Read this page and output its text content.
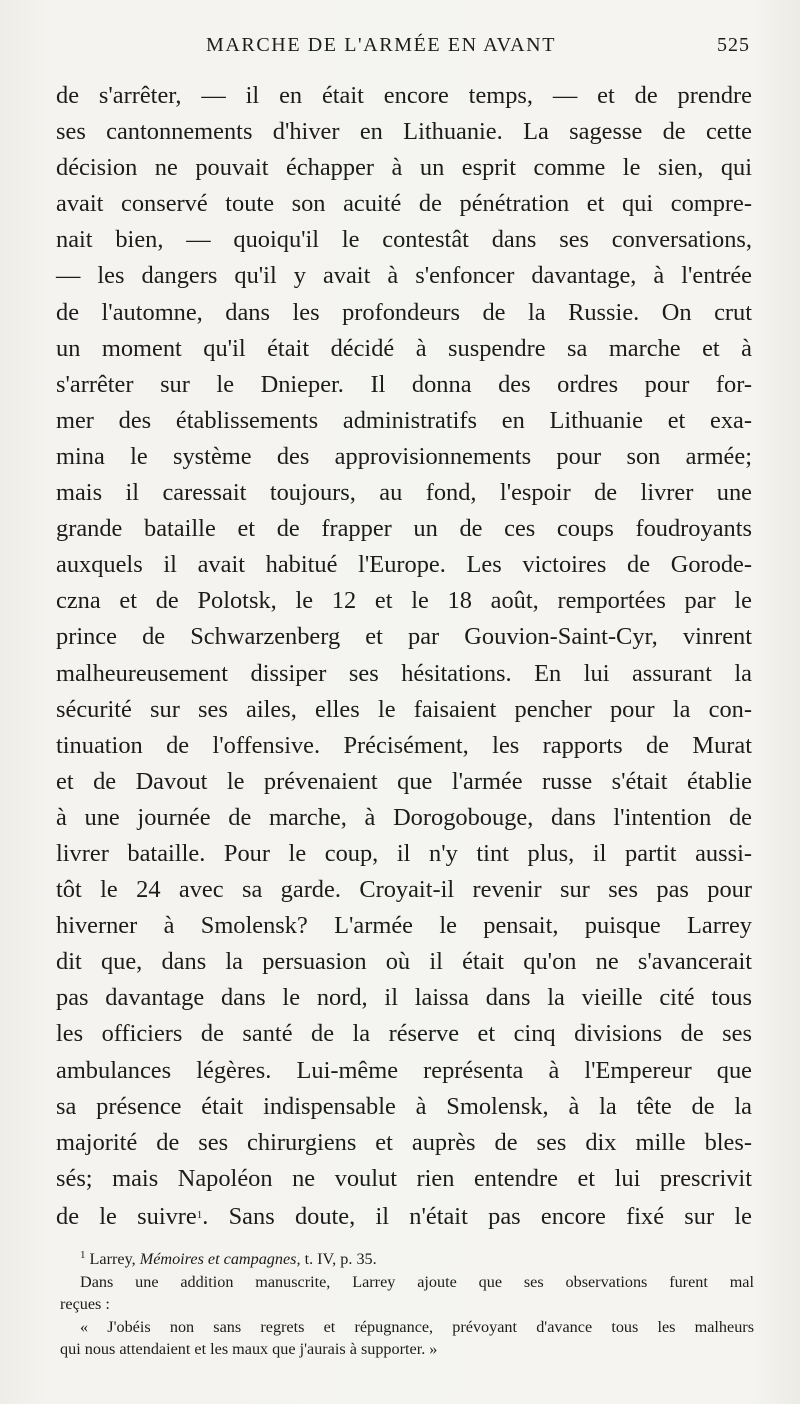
MARCHE DE L'ARMÉE EN AVANT	525
de s'arrêter, — il en était encore temps, — et de prendre
ses cantonnements d'hiver en Lithuanie. La sagesse de cette
décision ne pouvait échapper à un esprit comme le sien, qui
avait conservé toute son acuité de pénétration et qui compre-
nait bien, — quoiqu'il le contestât dans ses conversations,
— les dangers qu'il y avait à s'enfoncer davantage, à l'entrée
de l'automne, dans les profondeurs de la Russie. On crut
un moment qu'il était décidé à suspendre sa marche et à
s'arrêter sur le Dnieper. Il donna des ordres pour for-
mer des établissements administratifs en Lithuanie et exa-
mina le système des approvisionnements pour son armée;
mais il caressait toujours, au fond, l'espoir de livrer une
grande bataille et de frapper un de ces coups foudroyants
auxquels il avait habitué l'Europe. Les victoires de Gorode-
czna et de Polotsk, le 12 et le 18 août, remportées par le
prince de Schwarzenberg et par Gouvion-Saint-Cyr, vinrent
malheureusement dissiper ses hésitations. En lui assurant la
sécurité sur ses ailes, elles le faisaient pencher pour la con-
tinuation de l'offensive. Précisément, les rapports de Murat
et de Davout le prévenaient que l'armée russe s'était établie
à une journée de marche, à Dorogobouge, dans l'intention de
livrer bataille. Pour le coup, il n'y tint plus, il partit aussi-
tôt le 24 avec sa garde. Croyait-il revenir sur ses pas pour
hiverner à Smolensk? L'armée le pensait, puisque Larrey
dit que, dans la persuasion où il était qu'on ne s'avancerait
pas davantage dans le nord, il laissa dans la vieille cité tous
les officiers de santé de la réserve et cinq divisions de ses
ambulances légères. Lui-même représenta à l'Empereur que
sa présence était indispensable à Smolensk, à la tête de la
majorité de ses chirurgiens et auprès de ses dix mille bles-
sés; mais Napoléon ne voulut rien entendre et lui prescrivit
de le suivre$^1$. Sans doute, il n'était pas encore fixé sur le
$^1$ Larrey, Mémoires et campagnes, t. IV, p. 35.
Dans une addition manuscrite, Larrey ajoute que ses observations furent mal
reçues :
« J'obéis non sans regrets et répugnance, prévoyant d'avance tous les malheurs
qui nous attendaient et les maux que j'aurais à supporter. »
